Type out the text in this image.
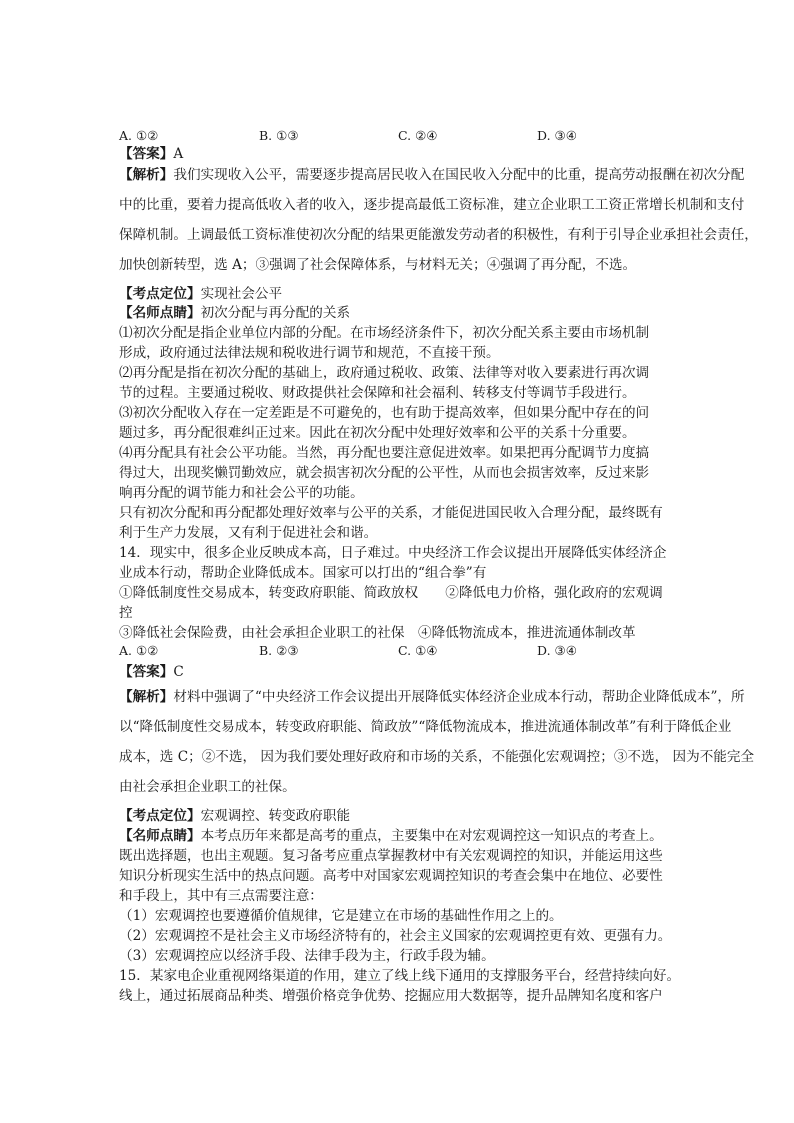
A. ①②	B. ①③	C. ②④	D. ③④
【答案】A
【解析】我们实现收入公平，需要逐步提高居民收入在国民收入分配中的比重，提高劳动报酬在初次分配
中的比重，要着力提高低收入者的收入，逐步提高最低工资标准，建立企业职工工资正常增长机制和支付
保障机制。上调最低工资标准使初次分配的结果更能激发劳动者的积极性，有利于引导企业承担社会责任，
加快创新转型，选 A；③强调了社会保障体系，与材料无关；④强调了再分配，不选。
【考点定位】实现社会公平
【名师点睛】初次分配与再分配的关系
⑴初次分配是指企业单位内部的分配。在市场经济条件下，初次分配关系主要由市场机制
形成，政府通过法律法规和税收进行调节和规范，不直接干预。
⑵再分配是指在初次分配的基础上，政府通过税收、政策、法律等对收入要素进行再次调
节的过程。主要通过税收、财政提供社会保障和社会福利、转移支付等调节手段进行。
⑶初次分配收入存在一定差距是不可避免的，也有助于提高效率，但如果分配中存在的问
题过多，再分配很难纠正过来。因此在初次分配中处理好效率和公平的关系十分重要。
⑷再分配具有社会公平功能。当然，再分配也要注意促进效率。如果把再分配调节力度搞
得过大，出现奖懒罚勤效应，就会损害初次分配的公平性，从而也会损害效率，反过来影
响再分配的调节能力和社会公平的功能。
只有初次分配和再分配都处理好效率与公平的关系，才能促进国民收入合理分配，最终既有
利于生产力发展，又有利于促进社会和谐。
14．现实中，很多企业反映成本高，日子难过。中央经济工作会议提出开展降低实体经济企
业成本行动，帮助企业降低成本。国家可以打出的“组合拳”有
①降低制度性交易成本，转变政府职能、简政放权　　②降低电力价格，强化政府的宏观调
控
③降低社会保险费，由社会承担企业职工的社保　④降低物流成本，推进流通体制改革
A. ①②	B. ②③	C. ①④	D. ③④
【答案】C
【解析】材料中强调了“中央经济工作会议提出开展降低实体经济企业成本行动，帮助企业降低成本”，所
以“降低制度性交易成本，转变政府职能、简政放”“降低物流成本，推进流通体制改革”有利于降低企业
成本，选 C；②不选， 因为我们要处理好政府和市场的关系，不能强化宏观调控；③不选， 因为不能完全
由社会承担企业职工的社保。
【考点定位】宏观调控、转变政府职能
【名师点睛】本考点历年来都是高考的重点，主要集中在对宏观调控这一知识点的考查上。
既出选择题，也出主观题。复习备考应重点掌握教材中有关宏观调控的知识，并能运用这些
知识分析现实生活中的热点问题。高考中对国家宏观调控知识的考查会集中在地位、必要性
和手段上，其中有三点需要注意：
（1）宏观调控也要遵循价值规律，它是建立在市场的基础性作用之上的。
（2）宏观调控不是社会主义市场经济特有的，社会主义国家的宏观调控更有效、更强有力。
（3）宏观调控应以经济手段、法律手段为主，行政手段为辅。
15．某家电企业重视网络渠道的作用，建立了线上线下通用的支撑服务平台，经营持续向好。
线上，通过拓展商品种类、增强价格竞争优势、挖掘应用大数据等，提升品牌知名度和客户
